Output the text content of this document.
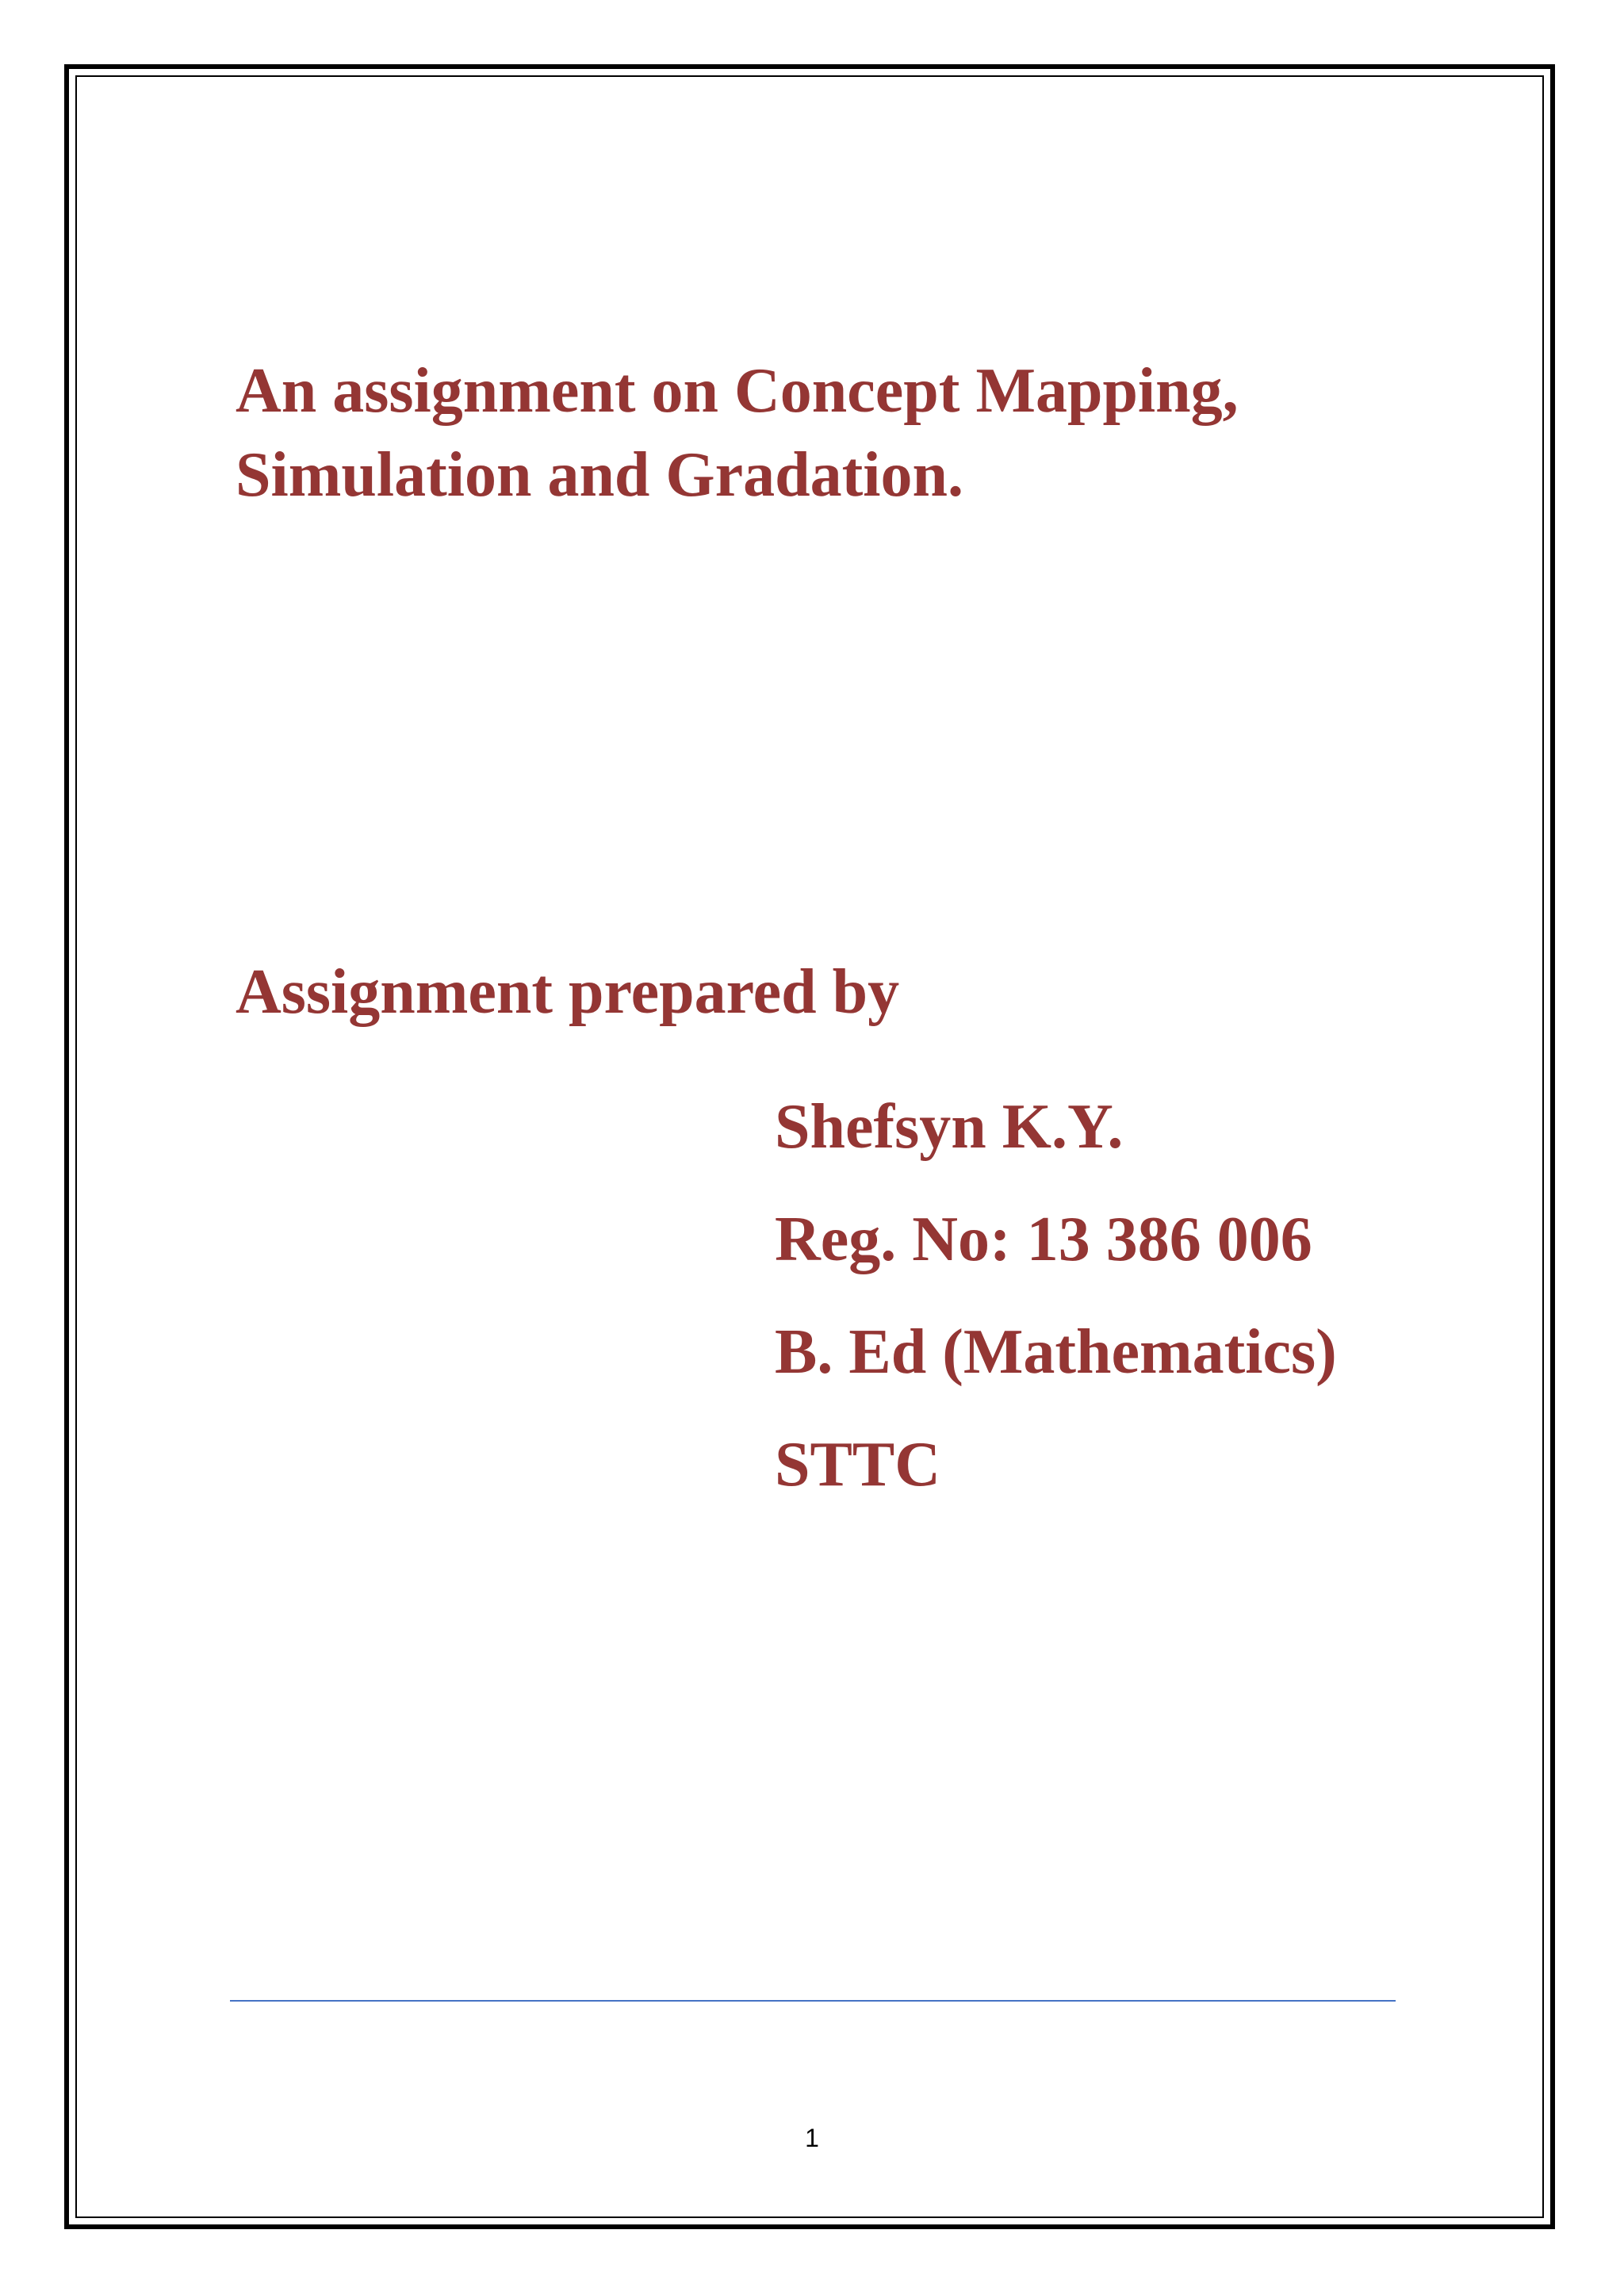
An assignment on Concept Mapping,
Simulation and Gradation.

Assignment prepared by

Shefsyn K.Y.
Reg. No: 13 386 006
B. Ed (Mathematics)
STTC
1
